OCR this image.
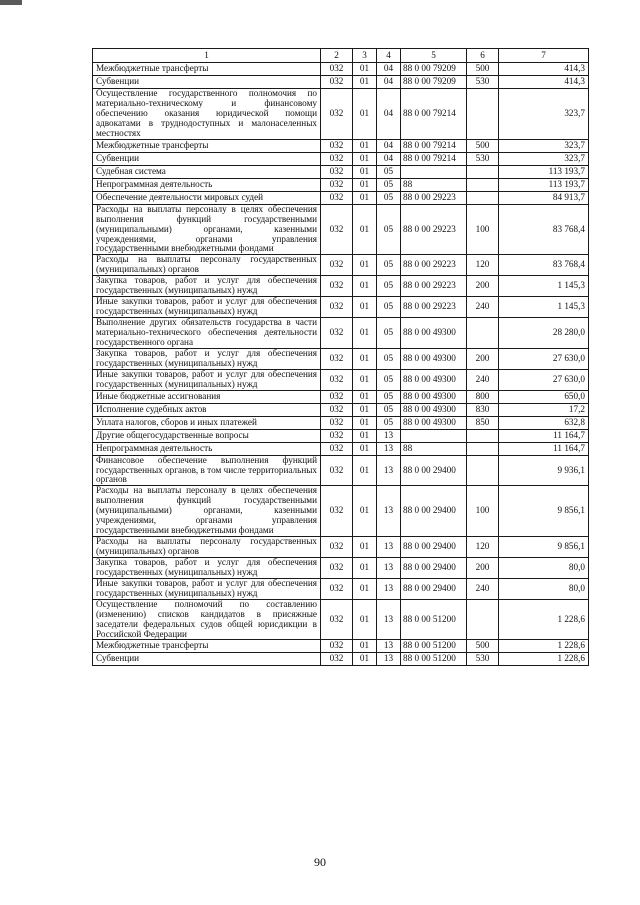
1	2	3	4	5	6	7
Межбюджетные трансферты	032	01	04	88 0 00 79209	500	414,3
Субвенции	032	01	04	88 0 00 79209	530	414,3
Осуществление государственного полномочия по материально-техническому и финансовому обеспечению оказания юридической помощи адвокатами в труднодоступных и малонаселенных местностях	032	01	04	88 0 00 79214		323,7
Межбюджетные трансферты	032	01	04	88 0 00 79214	500	323,7
Субвенции	032	01	04	88 0 00 79214	530	323,7
Судебная система	032	01	05			113 193,7
Непрограммная деятельность	032	01	05	88		113 193,7
Обеспечение деятельности мировых судей	032	01	05	88 0 00 29223		84 913,7
Расходы на выплаты персоналу в целях обеспечения выполнения функций государственными (муниципальными) органами, казенными учреждениями, органами управления государственными внебюджетными фондами	032	01	05	88 0 00 29223	100	83 768,4
Расходы на выплаты персоналу государственных (муниципальных) органов	032	01	05	88 0 00 29223	120	83 768,4
Закупка товаров, работ и услуг для обеспечения государственных (муниципальных) нужд	032	01	05	88 0 00 29223	200	1 145,3
Иные закупки товаров, работ и услуг для обеспечения государственных (муниципальных) нужд	032	01	05	88 0 00 29223	240	1 145,3
Выполнение других обязательств государства в части материально-технического обеспечения деятельности государственного органа	032	01	05	88 0 00 49300		28 280,0
Закупка товаров, работ и услуг для обеспечения государственных (муниципальных) нужд	032	01	05	88 0 00 49300	200	27 630,0
Иные закупки товаров, работ и услуг для обеспечения государственных (муниципальных) нужд	032	01	05	88 0 00 49300	240	27 630,0
Иные бюджетные ассигнования	032	01	05	88 0 00 49300	800	650,0
Исполнение судебных актов	032	01	05	88 0 00 49300	830	17,2
Уплата налогов, сборов и иных платежей	032	01	05	88 0 00 49300	850	632,8
Другие общегосударственные вопросы	032	01	13			11 164,7
Непрограммная деятельность	032	01	13	88		11 164,7
Финансовое обеспечение выполнения функций государственных органов, в том числе территориальных органов	032	01	13	88 0 00 29400		9 936,1
Расходы на выплаты персоналу в целях обеспечения выполнения функций государственными (муниципальными) органами, казенными учреждениями, органами управления государственными внебюджетными фондами	032	01	13	88 0 00 29400	100	9 856,1
Расходы на выплаты персоналу государственных (муниципальных) органов	032	01	13	88 0 00 29400	120	9 856,1
Закупка товаров, работ и услуг для обеспечения государственных (муниципальных) нужд	032	01	13	88 0 00 29400	200	80,0
Иные закупки товаров, работ и услуг для обеспечения государственных (муниципальных) нужд	032	01	13	88 0 00 29400	240	80,0
Осуществление полномочий по составлению (изменению) списков кандидатов в присяжные заседатели федеральных судов общей юрисдикции в Российской Федерации	032	01	13	88 0 00 51200		1 228,6
Межбюджетные трансферты	032	01	13	88 0 00 51200	500	1 228,6
Субвенции	032	01	13	88 0 00 51200	530	1 228,6
90
